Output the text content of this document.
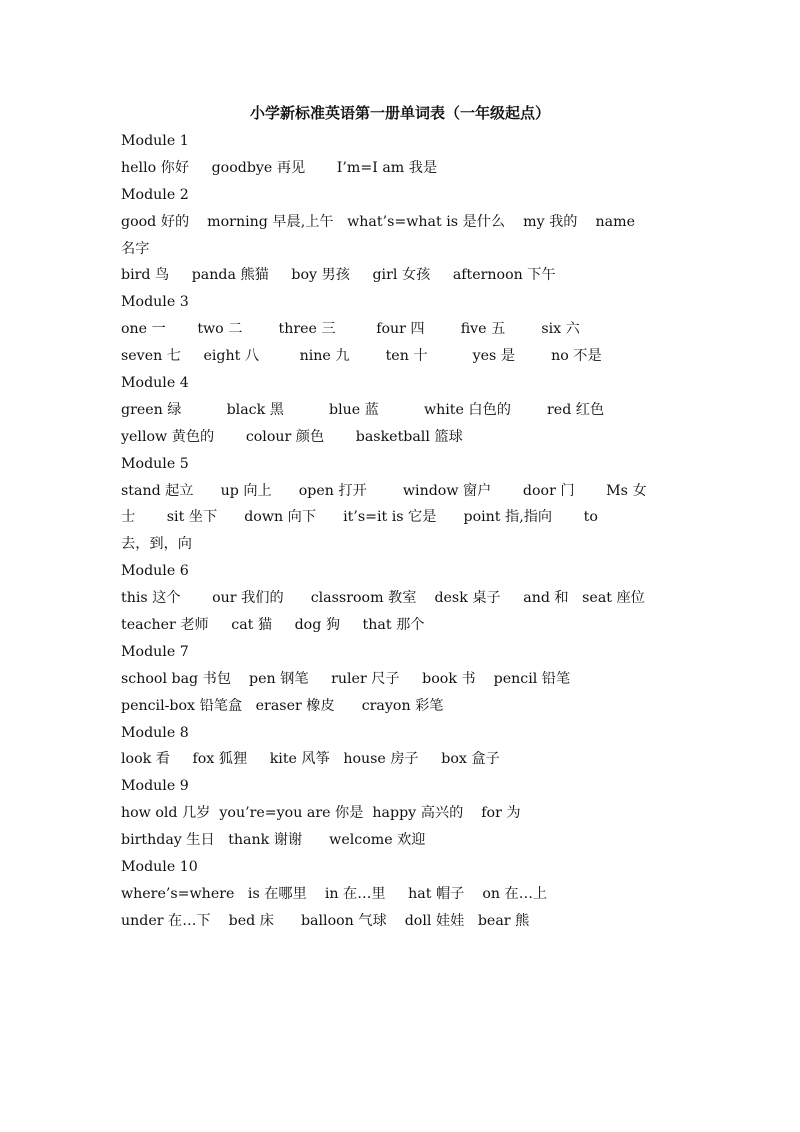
小学新标准英语第一册单词表（一年级起点）
Module 1
hello 你好     goodbye 再见       I’m=I am 我是
Module 2
good 好的    morning 早晨,上午   what’s=what is 是什么    my 我的    name
名字
bird 鸟     panda 熊猫     boy 男孩     girl 女孩     afternoon 下午
Module 3
one 一       two 二        three 三         four 四        five 五        six 六
seven 七     eight 八         nine 九        ten 十          yes 是        no 不是
Module 4
green 绿          black 黑          blue 蓝          white 白色的        red 红色
yellow 黄色的       colour 颜色       basketball 篮球
Module 5
stand 起立      up 向上      open 打开        window 窗户       door 门       Ms 女
士       sit 坐下      down 向下      it’s=it is 它是      point 指,指向       to
去，到，向
Module 6
this 这个       our 我们的      classroom 教室    desk 桌子     and 和   seat 座位
teacher 老师     cat 猫     dog 狗     that 那个
Module 7
school bag 书包    pen 钢笔     ruler 尺子     book 书    pencil 铅笔
pencil-box 铅笔盒   eraser 橡皮      crayon 彩笔
Module 8
look 看     fox 狐狸     kite 风筝   house 房子     box 盒子
Module 9
how old 几岁  you’re=you are 你是  happy 高兴的    for 为
birthday 生日   thank 谢谢      welcome 欢迎
Module 10
where’s=where   is 在哪里    in 在…里     hat 帽子    on 在…上
under 在…下    bed 床      balloon 气球    doll 娃娃   bear 熊
